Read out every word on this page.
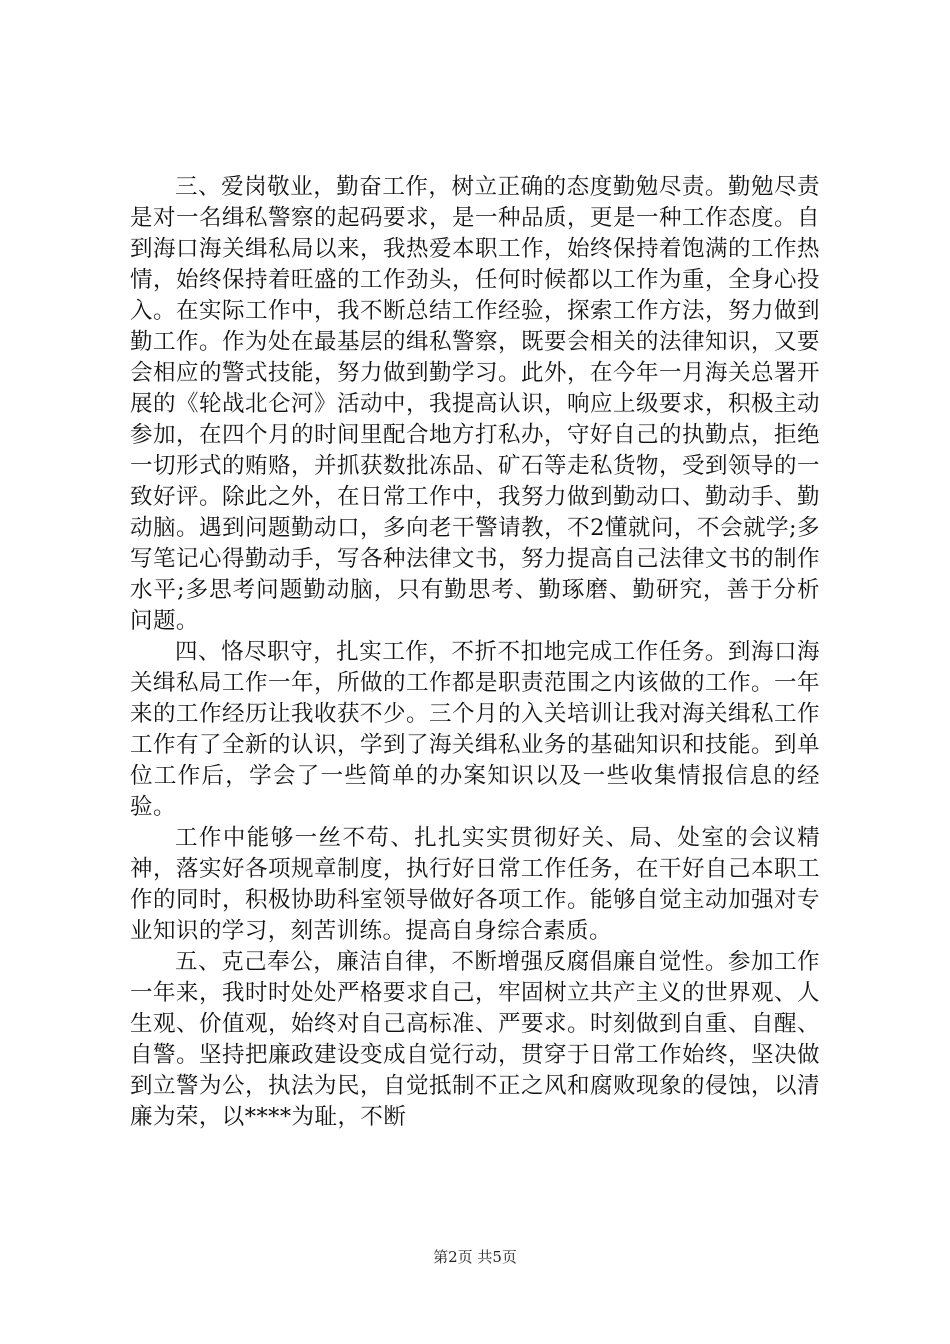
三、爱岗敬业，勤奋工作，树立正确的态度勤勉尽责。勤勉尽责是对一名缉私警察的起码要求，是一种品质，更是一种工作态度。自到海口海关缉私局以来，我热爱本职工作，始终保持着饱满的工作热情，始终保持着旺盛的工作劲头，任何时候都以工作为重，全身心投入。在实际工作中，我不断总结工作经验，探索工作方法，努力做到勤工作。作为处在最基层的缉私警察，既要会相关的法律知识，又要会相应的警式技能，努力做到勤学习。此外，在今年一月海关总署开展的《轮战北仑河》活动中，我提高认识，响应上级要求，积极主动参加，在四个月的时间里配合地方打私办，守好自己的执勤点，拒绝一切形式的贿赂，并抓获数批冻品、矿石等走私货物，受到领导的一致好评。除此之外，在日常工作中，我努力做到勤动口、勤动手、勤动脑。遇到问题勤动口，多向老干警请教，不2懂就问，不会就学;多写笔记心得勤动手，写各种法律文书，努力提高自己法律文书的制作水平;多思考问题勤动脑，只有勤思考、勤琢磨、勤研究，善于分析问题。

四、恪尽职守，扎实工作，不折不扣地完成工作任务。到海口海关缉私局工作一年，所做的工作都是职责范围之内该做的工作。一年来的工作经历让我收获不少。三个月的入关培训让我对海关缉私工作工作有了全新的认识，学到了海关缉私业务的基础知识和技能。到单位工作后，学会了一些简单的办案知识以及一些收集情报信息的经验。

工作中能够一丝不苟、扎扎实实贯彻好关、局、处室的会议精神，落实好各项规章制度，执行好日常工作任务，在干好自己本职工作的同时，积极协助科室领导做好各项工作。能够自觉主动加强对专业知识的学习，刻苦训练。提高自身综合素质。

五、克己奉公，廉洁自律，不断增强反腐倡廉自觉性。参加工作一年来，我时时处处严格要求自己，牢固树立共产主义的世界观、人生观、价值观，始终对自己高标准、严要求。时刻做到自重、自醒、自警。坚持把廉政建设变成自觉行动，贯穿于日常工作始终，坚决做到立警为公，执法为民，自觉抵制不正之风和腐败现象的侵蚀，以清廉为荣，以****为耻，不断

第2页 共5页
